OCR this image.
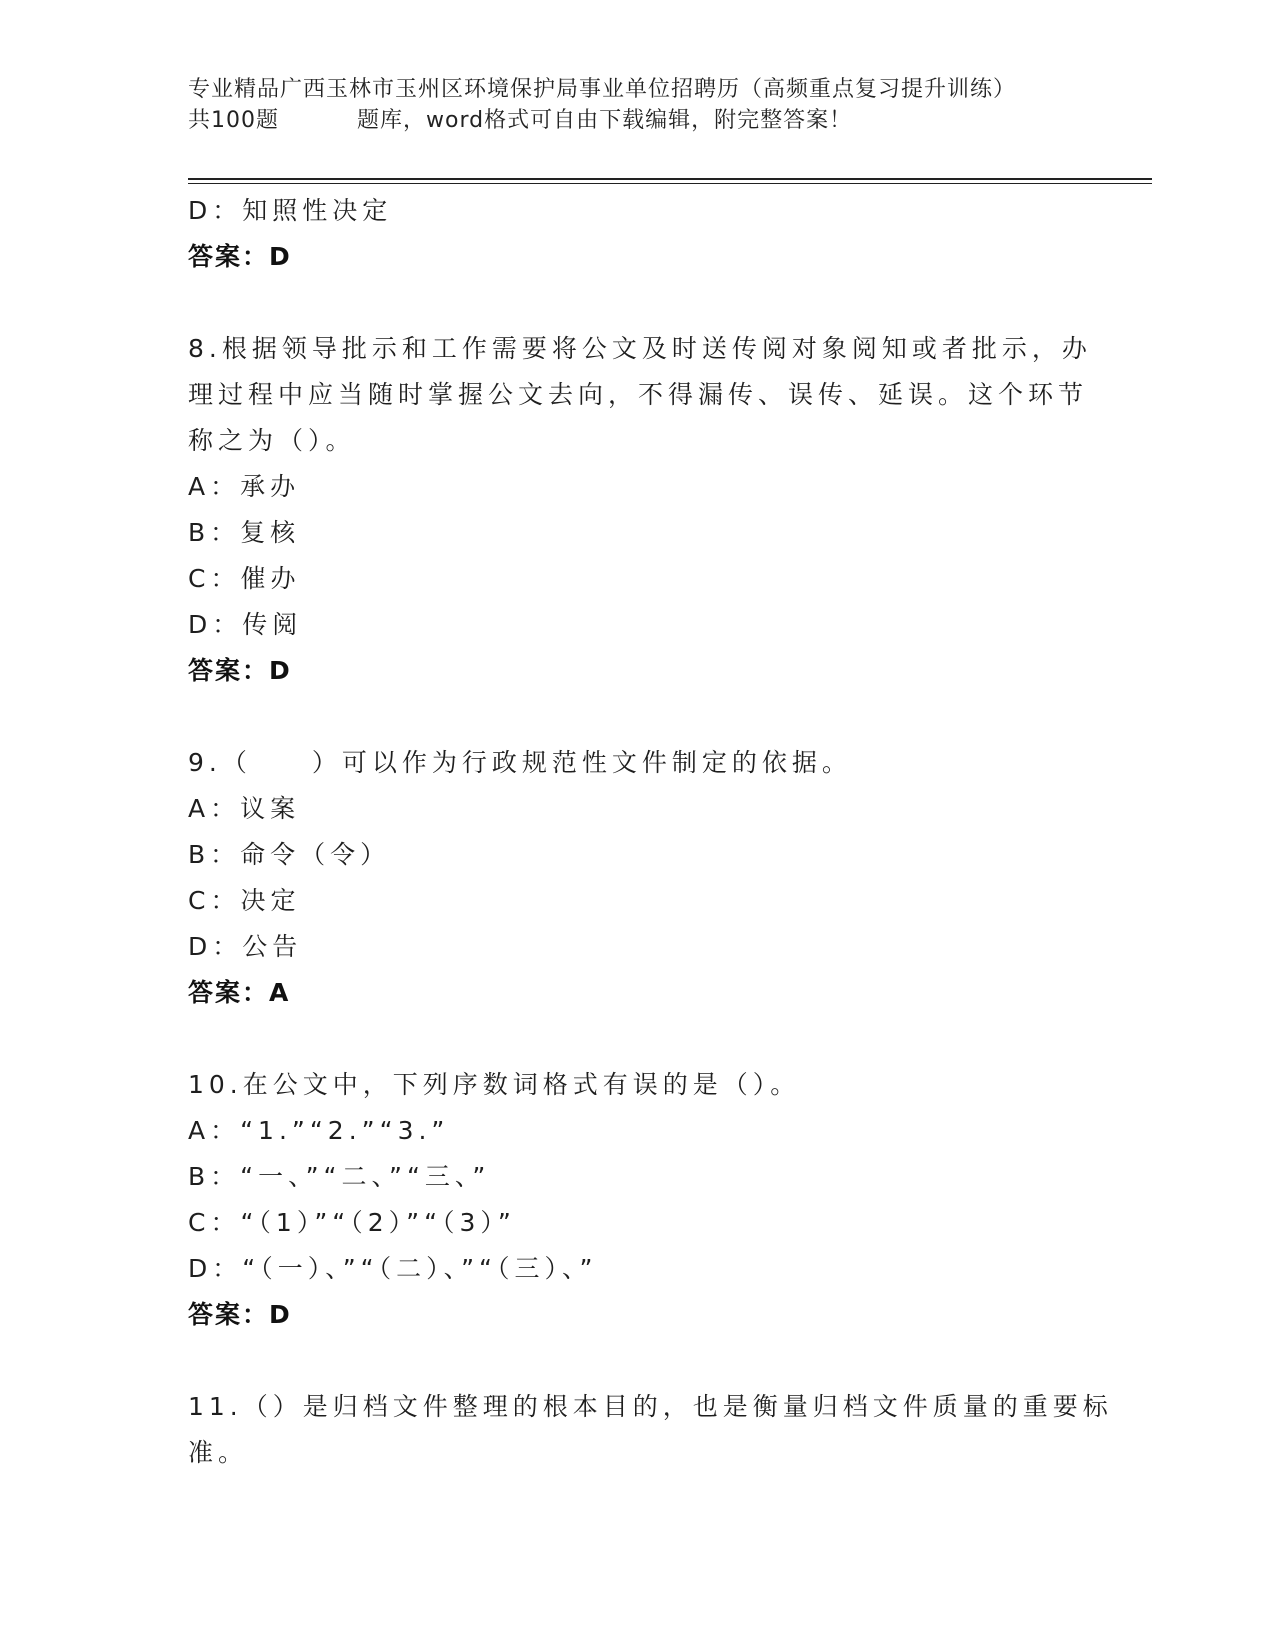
专业精品广西玉林市玉州区环境保护局事业单位招聘历（高频重点复习提升训练）
共100题	题库，word格式可自由下载编辑，附完整答案！
D：知照性决定
答案：D
8.根据领导批示和工作需要将公文及时送传阅对象阅知或者批示，办
理过程中应当随时掌握公文去向，不得漏传、误传、延误。这个环节
称之为（）。
A：承办
B：复核
C：催办
D：传阅
答案：D
9.（　　）可以作为行政规范性文件制定的依据。
A：议案
B：命令（令）
C：决定
D：公告
答案：A
10.在公文中，下列序数词格式有误的是（）。
A：“1.”“2.”“3.”
B：“一、”“二、”“三、”
C：“（1）”“（2）”“（3）”
D：“（一）、”“（二）、”“（三）、”
答案：D
11.（）是归档文件整理的根本目的，也是衡量归档文件质量的重要标
准。
